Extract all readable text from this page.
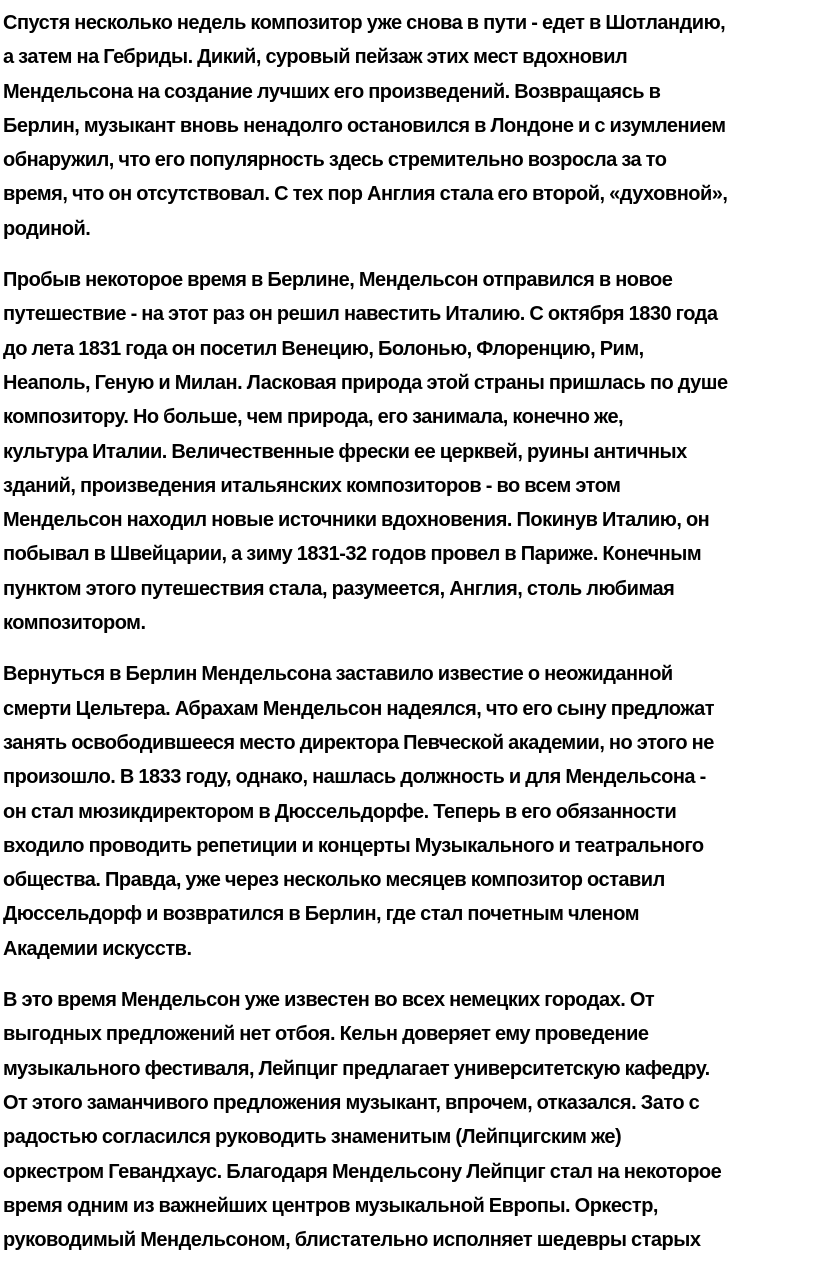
Спустя несколько недель композитор уже снова в пути - едет в Шотландию,
а затем на Гебриды. Дикий, суровый пейзаж этих мест вдохновил
Мендельсона на создание лучших его произведений. Возвращаясь в
Берлин, музыкант вновь ненадолго остановился в Лондоне и с изумлением
обнаружил, что его популярность здесь стремительно возросла за то
время, что он отсутствовал. С тех пор Англия стала его второй, «духовной»,
родиной.

Пробыв некоторое время в Берлине, Мендельсон отправился в новое
путешествие - на этот раз он решил навестить Италию. С октября 1830 года
до лета 1831 года он посетил Венецию, Болонью, Флоренцию, Рим,
Неаполь, Геную и Милан. Ласковая природа этой страны пришлась по душе
композитору. Но больше, чем природа, его занимала, конечно же,
культура Италии. Величественные фрески ее церквей, руины античных
зданий, произведения итальянских композиторов - во всем этом
Мендельсон находил новые источники вдохновения. Покинув Италию, он
побывал в Швейцарии, а зиму 1831-32 годов провел в Париже. Конечным
пунктом этого путешествия стала, разумеется, Англия, столь любимая
композитором.

Вернуться в Берлин Мендельсона заставило известие о неожиданной
смерти Цельтера. Абрахам Мендельсон надеялся, что его сыну предложат
занять освободившееся место директора Певческой академии, но этого не
произошло. В 1833 году, однако, нашлась должность и для Мендельсона -
он стал мюзикдиректором в Дюссельдорфе. Теперь в его обязанности
входило проводить репетиции и концерты Музыкального и театрального
общества. Правда, уже через несколько месяцев композитор оставил
Дюссельдорф и возвратился в Берлин, где стал почетным членом
Академии искусств.

В это время Мендельсон уже известен во всех немецких городах. От
выгодных предложений нет отбоя. Кельн доверяет ему проведение
музыкального фестиваля, Лейпциг предлагает университетскую кафедру.
От этого заманчивого предложения музыкант, впрочем, отказался. Зато с
радостью согласился руководить знаменитым (Лейпцигским же)
оркестром Гевандхаус. Благодаря Мендельсону Лейпциг стал на некоторое
время одним из важнейших центров музыкальной Европы. Оркестр,
руководимый Мендельсоном, блистательно исполняет шедевры старых
